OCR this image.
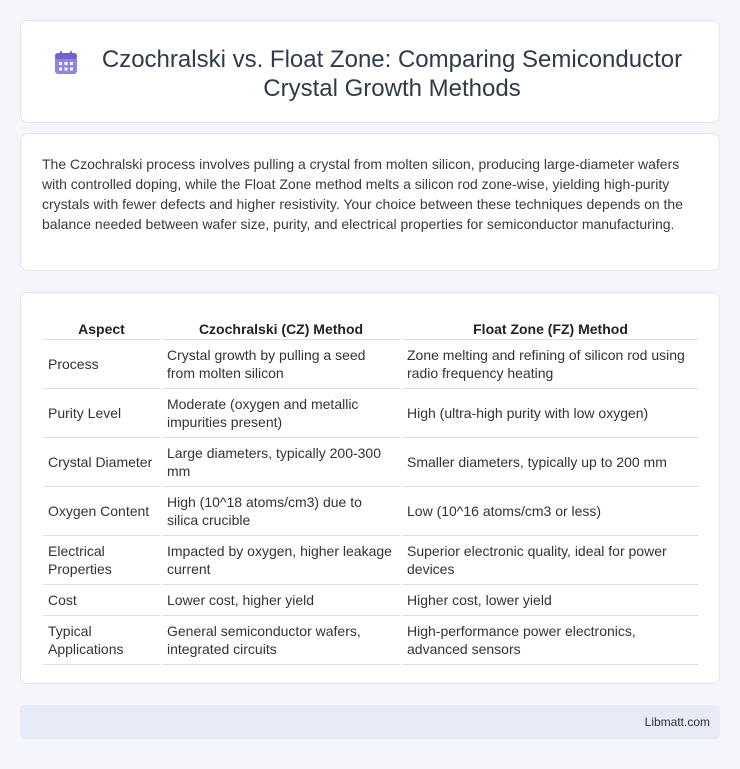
Czochralski vs. Float Zone: Comparing Semiconductor Crystal Growth Methods

The Czochralski process involves pulling a crystal from molten silicon, producing large-diameter wafers with controlled doping, while the Float Zone method melts a silicon rod zone-wise, yielding high-purity crystals with fewer defects and higher resistivity. Your choice between these techniques depends on the balance needed between wafer size, purity, and electrical properties for semiconductor manufacturing.

Aspect	Czochralski (CZ) Method	Float Zone (FZ) Method
Process	Crystal growth by pulling a seed from molten silicon	Zone melting and refining of silicon rod using radio frequency heating
Purity Level	Moderate (oxygen and metallic impurities present)	High (ultra-high purity with low oxygen)
Crystal Diameter	Large diameters, typically 200-300 mm	Smaller diameters, typically up to 200 mm
Oxygen Content	High (10^18 atoms/cm3) due to silica crucible	Low (10^16 atoms/cm3 or less)
Electrical Properties	Impacted by oxygen, higher leakage current	Superior electronic quality, ideal for power devices
Cost	Lower cost, higher yield	Higher cost, lower yield
Typical Applications	General semiconductor wafers, integrated circuits	High-performance power electronics, advanced sensors
Libmatt.com
